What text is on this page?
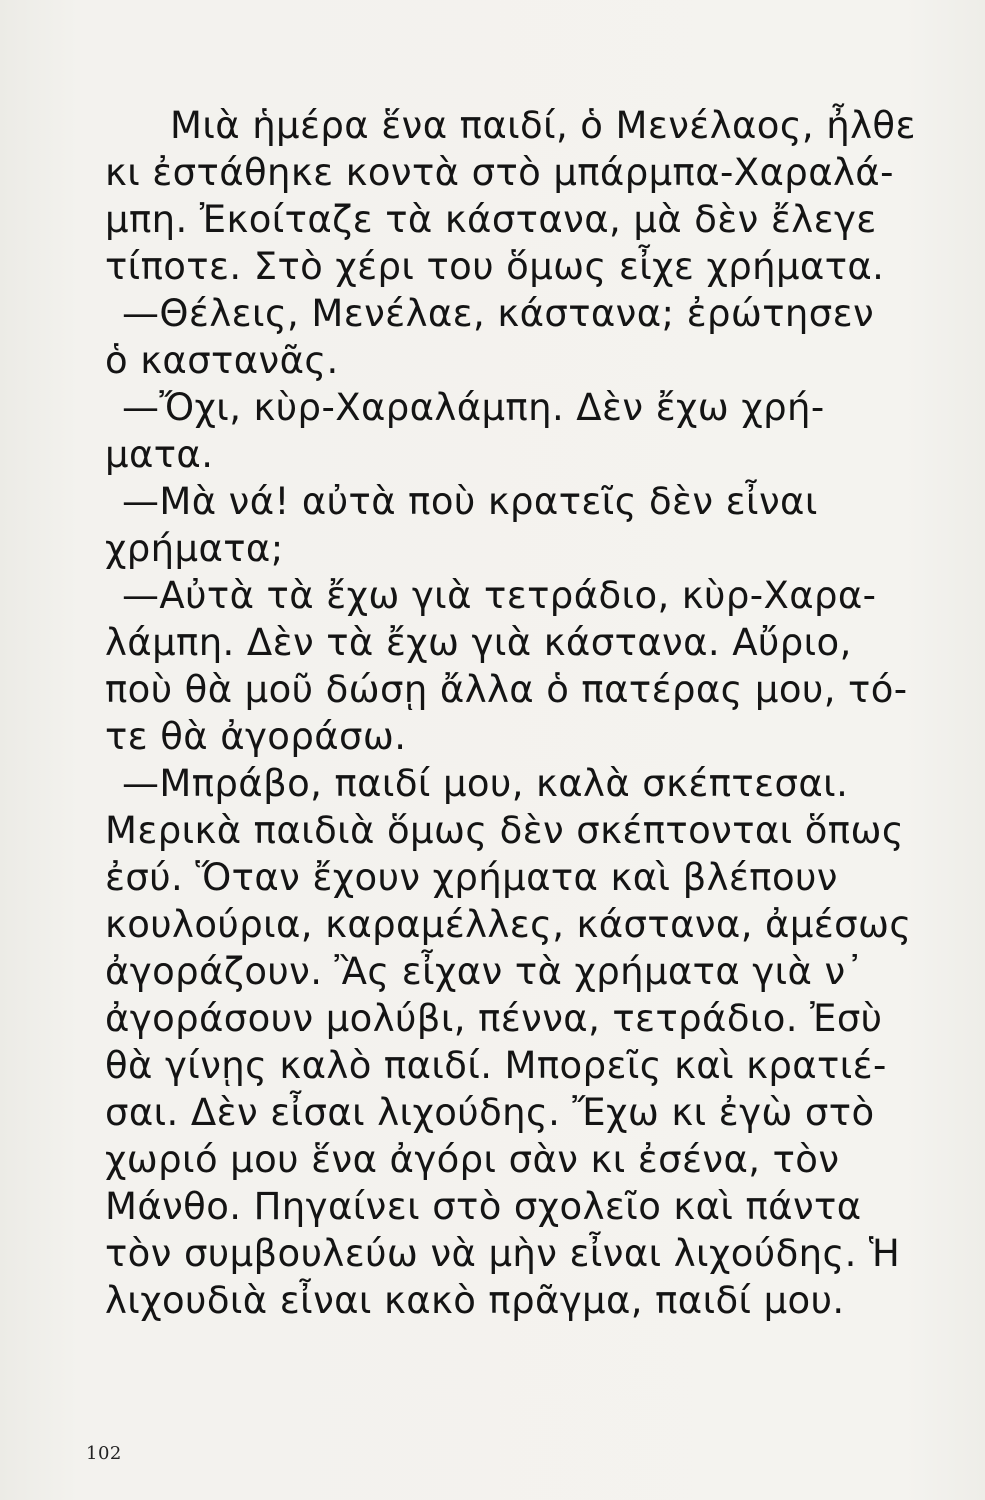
Μιὰ ἡμέρα ἕνα παιδί, ὁ Μενέλαος, ἦλθε
κι ἐστάθηκε κοντὰ στὸ μπάρμπα-Χαραλά-
μπη. Ἐκοίταζε τὰ κάστανα, μὰ δὲν ἔλεγε
τίποτε. Στὸ χέρι του ὅμως εἶχε χρήματα.
—Θέλεις, Μενέλαε, κάστανα; ἐρώτησεν
ὁ καστανᾶς.
—Ὄχι, κὺρ-Χαραλάμπη. Δὲν ἔχω χρή-
ματα.
—Μὰ νά! αὐτὰ ποὺ κρατεῖς δὲν εἶναι
χρήματα;
—Αὐτὰ τὰ ἔχω γιὰ τετράδιο, κὺρ-Χαρα-
λάμπη. Δὲν τὰ ἔχω γιὰ κάστανα. Αὔριο,
ποὺ θὰ μοῦ δώσῃ ἄλλα ὁ πατέρας μου, τό-
τε θὰ ἀγοράσω.
—Μπράβο, παιδί μου, καλὰ σκέπτεσαι.
Μερικὰ παιδιὰ ὅμως δὲν σκέπτονται ὅπως
ἐσύ. Ὅταν ἔχουν χρήματα καὶ βλέπουν
κουλούρια, καραμέλλες, κάστανα, ἀμέσως
ἀγοράζουν. Ἂς εἶχαν τὰ χρήματα γιὰ ν᾿
ἀγοράσουν μολύβι, πέννα, τετράδιο. Ἐσὺ
θὰ γίνῃς καλὸ παιδί. Μπορεῖς καὶ κρατιέ-
σαι. Δὲν εἶσαι λιχούδης. Ἔχω κι ἐγὼ στὸ
χωριό μου ἕνα ἀγόρι σὰν κι ἐσένα, τὸν
Μάνθο. Πηγαίνει στὸ σχολεῖο καὶ πάντα
τὸν συμβουλεύω νὰ μὴν εἶναι λιχούδης. Ἡ
λιχουδιὰ εἶναι κακὸ πρᾶγμα, παιδί μου.
102
